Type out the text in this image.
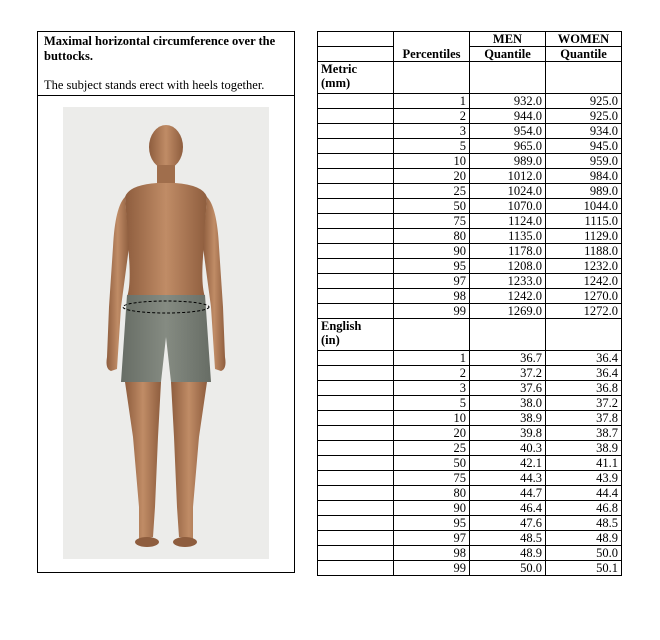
Maximal horizontal circumference over the buttocks.
The subject stands erect with heels together.
	Percentiles	MEN	WOMEN
		Quantile	Quantile

Metric
(mm)			

	1	932.0	925.0
	2	944.0	925.0
	3	954.0	934.0
	5	965.0	945.0
	10	989.0	959.0
	20	1012.0	984.0
	25	1024.0	989.0
	50	1070.0	1044.0
	75	1124.0	1115.0
	80	1135.0	1129.0
	90	1178.0	1188.0
	95	1208.0	1232.0
	97	1233.0	1242.0
	98	1242.0	1270.0
	99	1269.0	1272.0

English
(in)			

	1	36.7	36.4
	2	37.2	36.4
	3	37.6	36.8
	5	38.0	37.2
	10	38.9	37.8
	20	39.8	38.7
	25	40.3	38.9
	50	42.1	41.1
	75	44.3	43.9
	80	44.7	44.4
	90	46.4	46.8
	95	47.6	48.5
	97	48.5	48.9
	98	48.9	50.0
	99	50.0	50.1
